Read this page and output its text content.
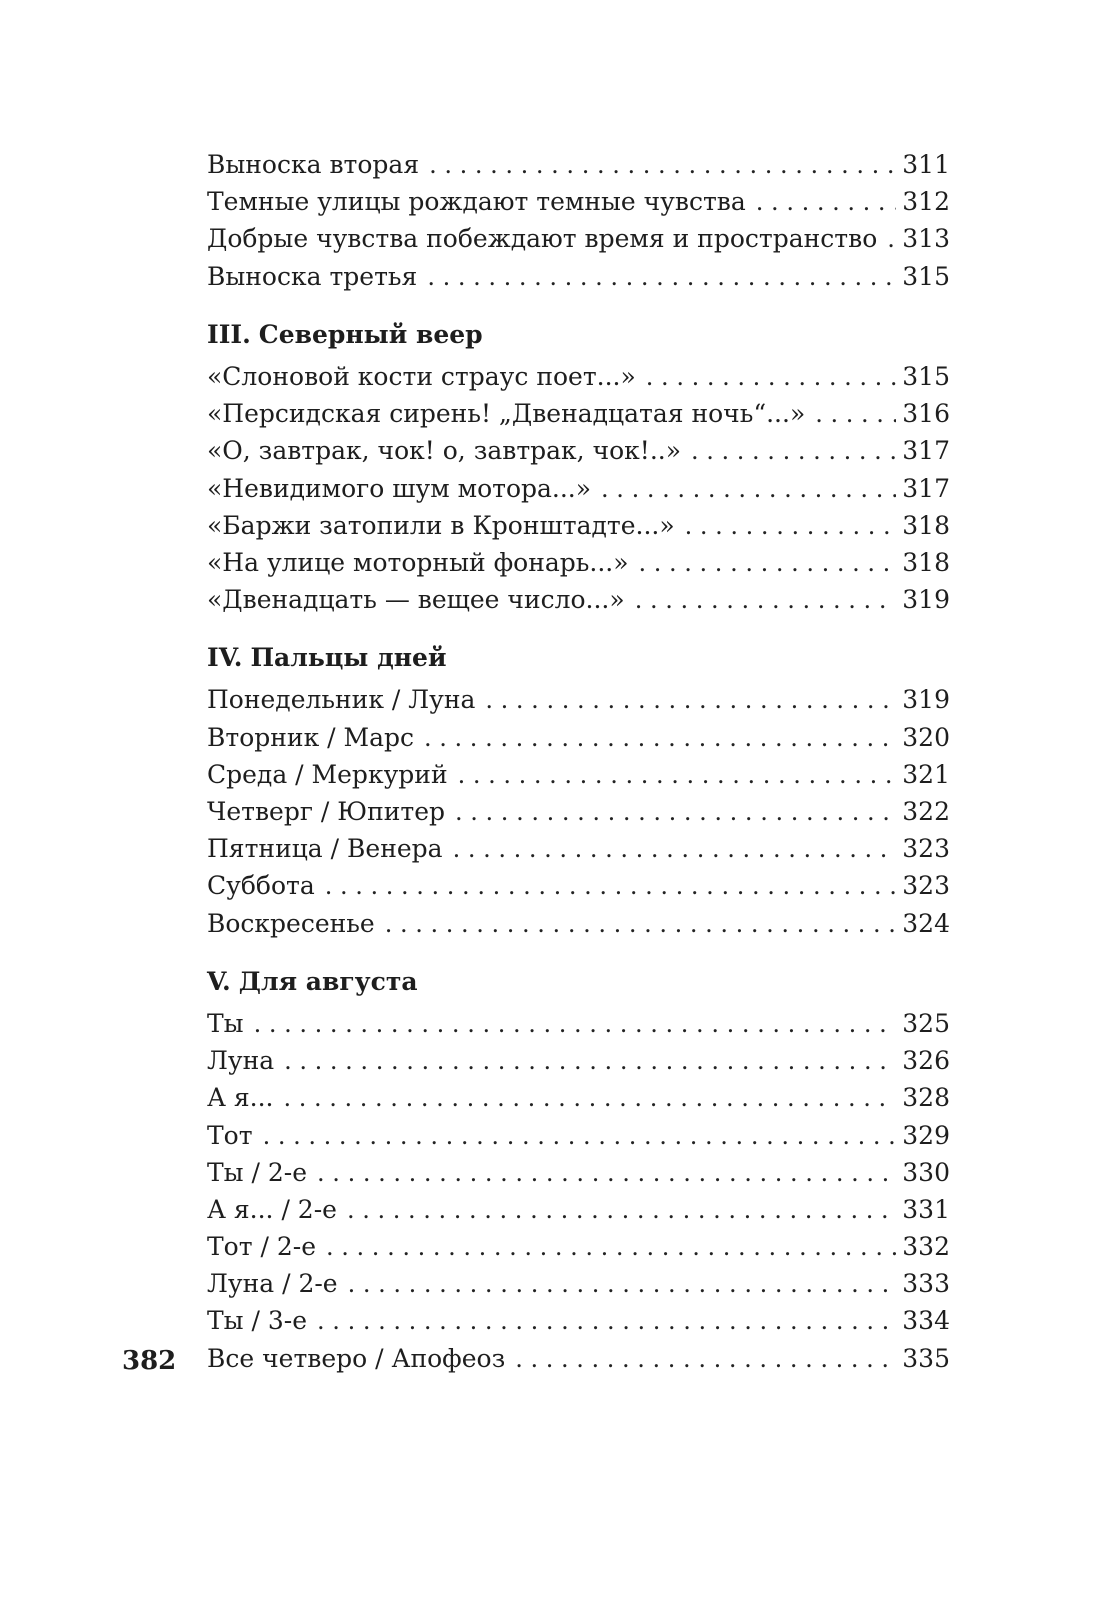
Выноска вторая . . .	311
Темные улицы рождают темные чувства . . .	312
Добрые чувства побеждают время и пространство . . .	313
Выноска третья . . .	315
III. Северный веер
«Слоновой кости страус поет...» . . .	315
«Персидская сирень! „Двенадцатая ночь“...» . . .	316
«О, завтрак, чок! о, завтрак, чок!..» . . .	317
«Невидимого шум мотора...» . . .	317
«Баржи затопили в Кронштадте...» . . .	318
«На улице моторный фонарь...» . . .	318
«Двенадцать — вещее число...» . . .	319
IV. Пальцы дней
Понедельник / Луна . . .	319
Вторник / Марс . . .	320
Среда / Меркурий . . .	321
Четверг / Юпитер . . .	322
Пятница / Венера . . .	323
Суббота . . .	323
Воскресенье . . .	324
V. Для августа
Ты . . .	325
Луна . . .	326
А я... . . .	328
Тот . . .	329
Ты / 2-е . . .	330
А я... / 2-е . . .	331
Тот / 2-е . . .	332
Луна / 2-е . . .	333
Ты / 3-е . . .	334
Все четверо / Апофеоз . . .	335
382
